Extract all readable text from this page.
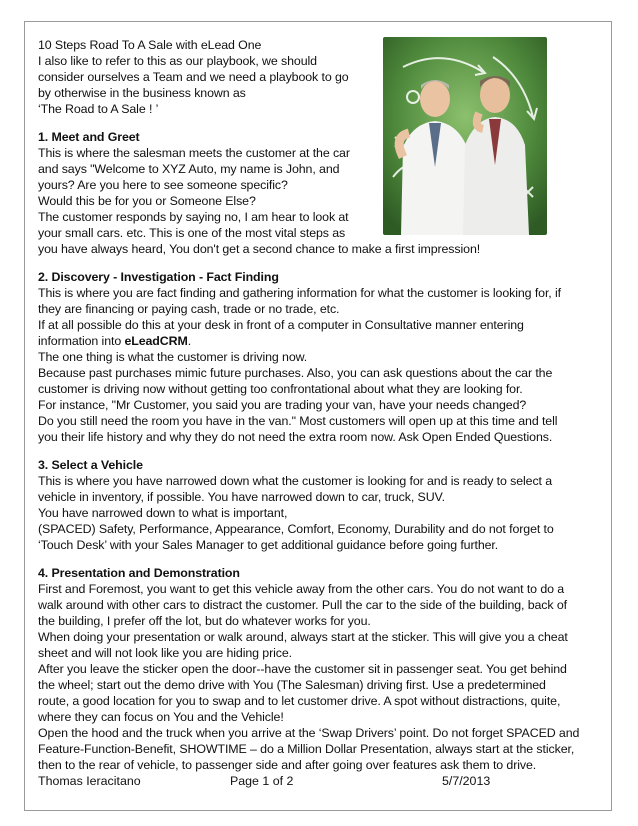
10 Steps Road To A Sale with eLead One
I also like to refer to this as our playbook, we should
consider ourselves a Team and we need a playbook to go
by otherwise in the business known as
‘The Road to A Sale ! ’
1. Meet and Greet
This is where the salesman meets the customer at the car
and says "Welcome to XYZ Auto, my name is John, and
yours? Are you here to see someone specific?
Would this be for you or Someone Else?
The customer responds by saying no, I am hear to look at
your small cars. etc. This is one of the most vital steps as
you have always heard, You don't get a second chance to make a first impression!
2. Discovery - Investigation - Fact Finding
This is where you are fact finding and gathering information for what the customer is looking for, if
they are financing or paying cash, trade or no trade, etc.
If at all possible do this at your desk in front of a computer in Consultative manner entering
information into eLeadCRM.
The one thing is what the customer is driving now.
Because past purchases mimic future purchases. Also, you can ask questions about the car the
customer is driving now without getting too confrontational about what they are looking for.
For instance, "Mr Customer, you said you are trading your van, have your needs changed?
Do you still need the room you have in the van." Most customers will open up at this time and tell
you their life history and why they do not need the extra room now. Ask Open Ended Questions.
3. Select a Vehicle
This is where you have narrowed down what the customer is looking for and is ready to select a
vehicle in inventory, if possible. You have narrowed down to car, truck, SUV.
You have narrowed down to what is important,
(SPACED) Safety, Performance, Appearance, Comfort, Economy, Durability and do not forget to
‘Touch Desk’ with your Sales Manager to get additional guidance before going further.
4. Presentation and Demonstration
First and Foremost, you want to get this vehicle away from the other cars. You do not want to do a
walk around with other cars to distract the customer. Pull the car to the side of the building, back of
the building, I prefer off the lot, but do whatever works for you.
When doing your presentation or walk around, always start at the sticker. This will give you a cheat
sheet and will not look like you are hiding price.
After you leave the sticker open the door--have the customer sit in passenger seat. You get behind
the wheel; start out the demo drive with You (The Salesman) driving first. Use a predetermined
route, a good location for you to swap and to let customer drive. A spot without distractions, quite,
where they can focus on You and the Vehicle!
Open the hood and the truck when you arrive at the ‘Swap Drivers’ point. Do not forget SPACED and
Feature-Function-Benefit, SHOWTIME – do a Million Dollar Presentation, always start at the sticker,
then to the rear of vehicle, to passenger side and after going over features ask them to drive.
Thomas Ieracitano	Page 1 of 2	5/7/2013
